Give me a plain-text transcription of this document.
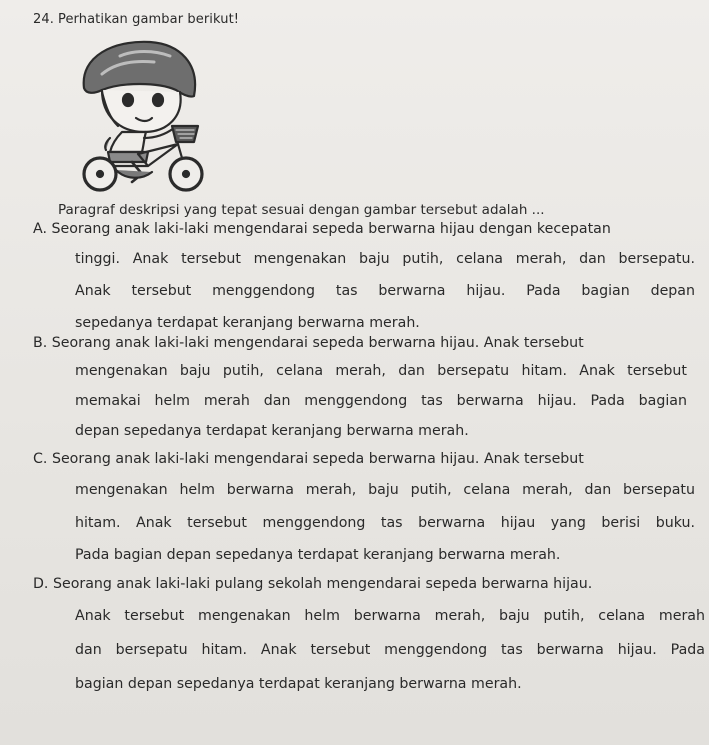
24. Perhatikan gambar berikut!
Paragraf deskripsi yang tepat sesuai dengan gambar tersebut adalah ...
A. Seorang anak laki-laki mengendarai sepeda berwarna hijau dengan kecepatan
tinggi. Anak tersebut mengenakan baju putih, celana merah, dan bersepatu.
Anak tersebut menggendong tas berwarna hijau. Pada bagian depan
sepedanya terdapat keranjang berwarna merah.
B. Seorang anak laki-laki mengendarai sepeda berwarna hijau. Anak tersebut
mengenakan baju putih, celana merah, dan bersepatu hitam. Anak tersebut
memakai helm merah dan menggendong tas berwarna hijau. Pada bagian
depan sepedanya terdapat keranjang berwarna merah.
C. Seorang anak laki-laki mengendarai sepeda berwarna hijau. Anak tersebut
mengenakan helm berwarna merah, baju putih, celana merah, dan bersepatu
hitam. Anak tersebut menggendong tas berwarna hijau yang berisi buku.
Pada bagian depan sepedanya terdapat keranjang berwarna merah.
D. Seorang anak laki-laki pulang sekolah mengendarai sepeda berwarna hijau.
Anak tersebut mengenakan helm berwarna merah, baju putih, celana merah
dan bersepatu hitam. Anak tersebut menggendong tas berwarna hijau. Pada
bagian depan sepedanya terdapat keranjang berwarna merah.
